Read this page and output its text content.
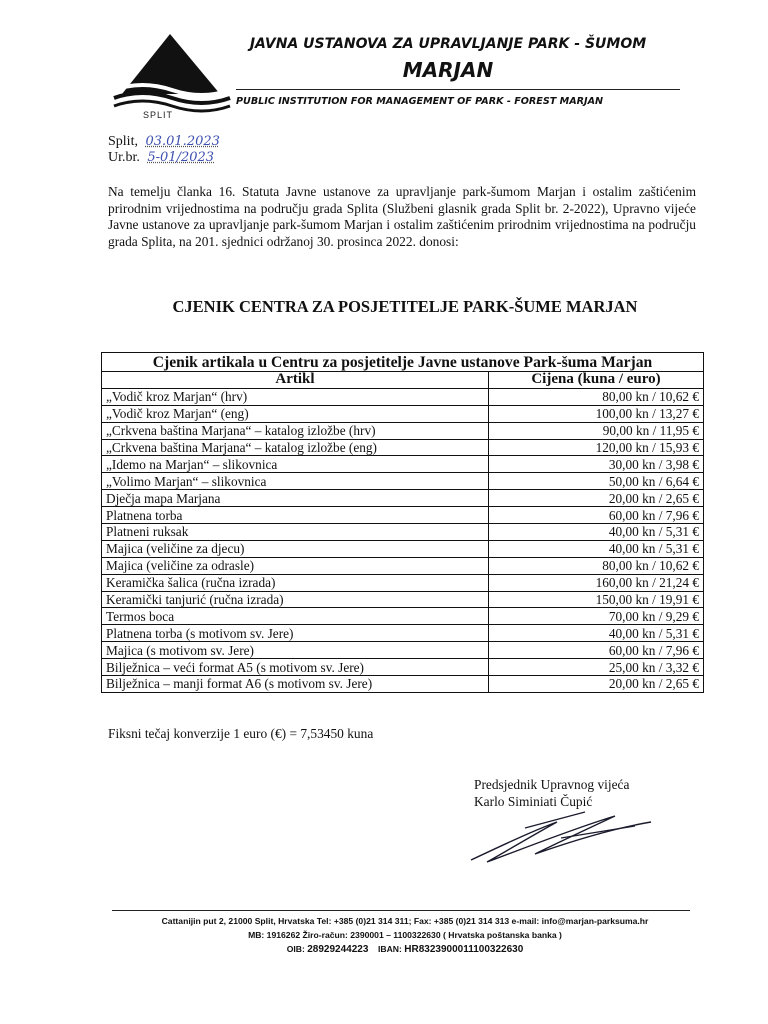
SPLIT
JAVNA USTANOVA ZA UPRAVLJANJE PARK - ŠUMOM
MARJAN
PUBLIC INSTITUTION FOR MANAGEMENT OF PARK - FOREST MARJAN
Split, 03.01.2023
Ur.br. 5-01/2023
Na temelju članka 16. Statuta Javne ustanove za upravljanje park-šumom Marjan i ostalim zaštićenim prirodnim vrijednostima na području grada Splita (Službeni glasnik grada Split br. 2-2022), Upravno vijeće Javne ustanove za upravljanje park-šumom Marjan i ostalim zaštićenim prirodnim vrijednostima na području grada Splita, na 201. sjednici održanoj 30. prosinca 2022. donosi:
CJENIK CENTRA ZA POSJETITELJE PARK-ŠUME MARJAN
Cjenik artikala u Centru za posjetitelje Javne ustanove Park-šuma Marjan	
Artikl	Cijena (kuna / euro)
„Vodič kroz Marjan“ (hrv)	80,00 kn / 10,62 €
„Vodič kroz Marjan“ (eng)	100,00 kn / 13,27 €
„Crkvena baština Marjana“ – katalog izložbe (hrv)	90,00 kn / 11,95 €
„Crkvena baština Marjana“ – katalog izložbe (eng)	120,00 kn / 15,93 €
„Idemo na Marjan“ – slikovnica	30,00 kn / 3,98 €
„Volimo Marjan“ – slikovnica	50,00 kn / 6,64 €
Dječja mapa Marjana	20,00 kn / 2,65 €
Platnena torba	60,00 kn / 7,96 €
Platneni ruksak	40,00 kn / 5,31 €
Majica (veličine za djecu)	40,00 kn / 5,31 €
Majica (veličine za odrasle)	80,00 kn / 10,62 €
Keramička šalica (ručna izrada)	160,00 kn / 21,24 €
Keramički tanjurić (ručna izrada)	150,00 kn / 19,91 €
Termos boca	70,00 kn / 9,29 €
Platnena torba (s motivom sv. Jere)	40,00 kn / 5,31 €
Majica (s motivom sv. Jere)	60,00 kn / 7,96 €
Bilježnica – veći format A5 (s motivom sv. Jere)	25,00 kn / 3,32 €
Bilježnica – manji format A6 (s motivom sv. Jere)	20,00 kn / 2,65 €
Fiksni tečaj konverzije 1 euro (€) = 7,53450 kuna
Predsjednik Upravnog vijeća
Karlo Siminiati Čupić
Cattanijin put 2, 21000 Split, Hrvatska Tel: +385 (0)21 314 311; Fax: +385 (0)21 314 313 e-mail: info@marjan-parksuma.hr
MB: 1916262 Žiro-račun: 2390001 – 1100322630 ( Hrvatska poštanska banka )
OIB: 28929244223 IBAN: HR8323900011100322630
